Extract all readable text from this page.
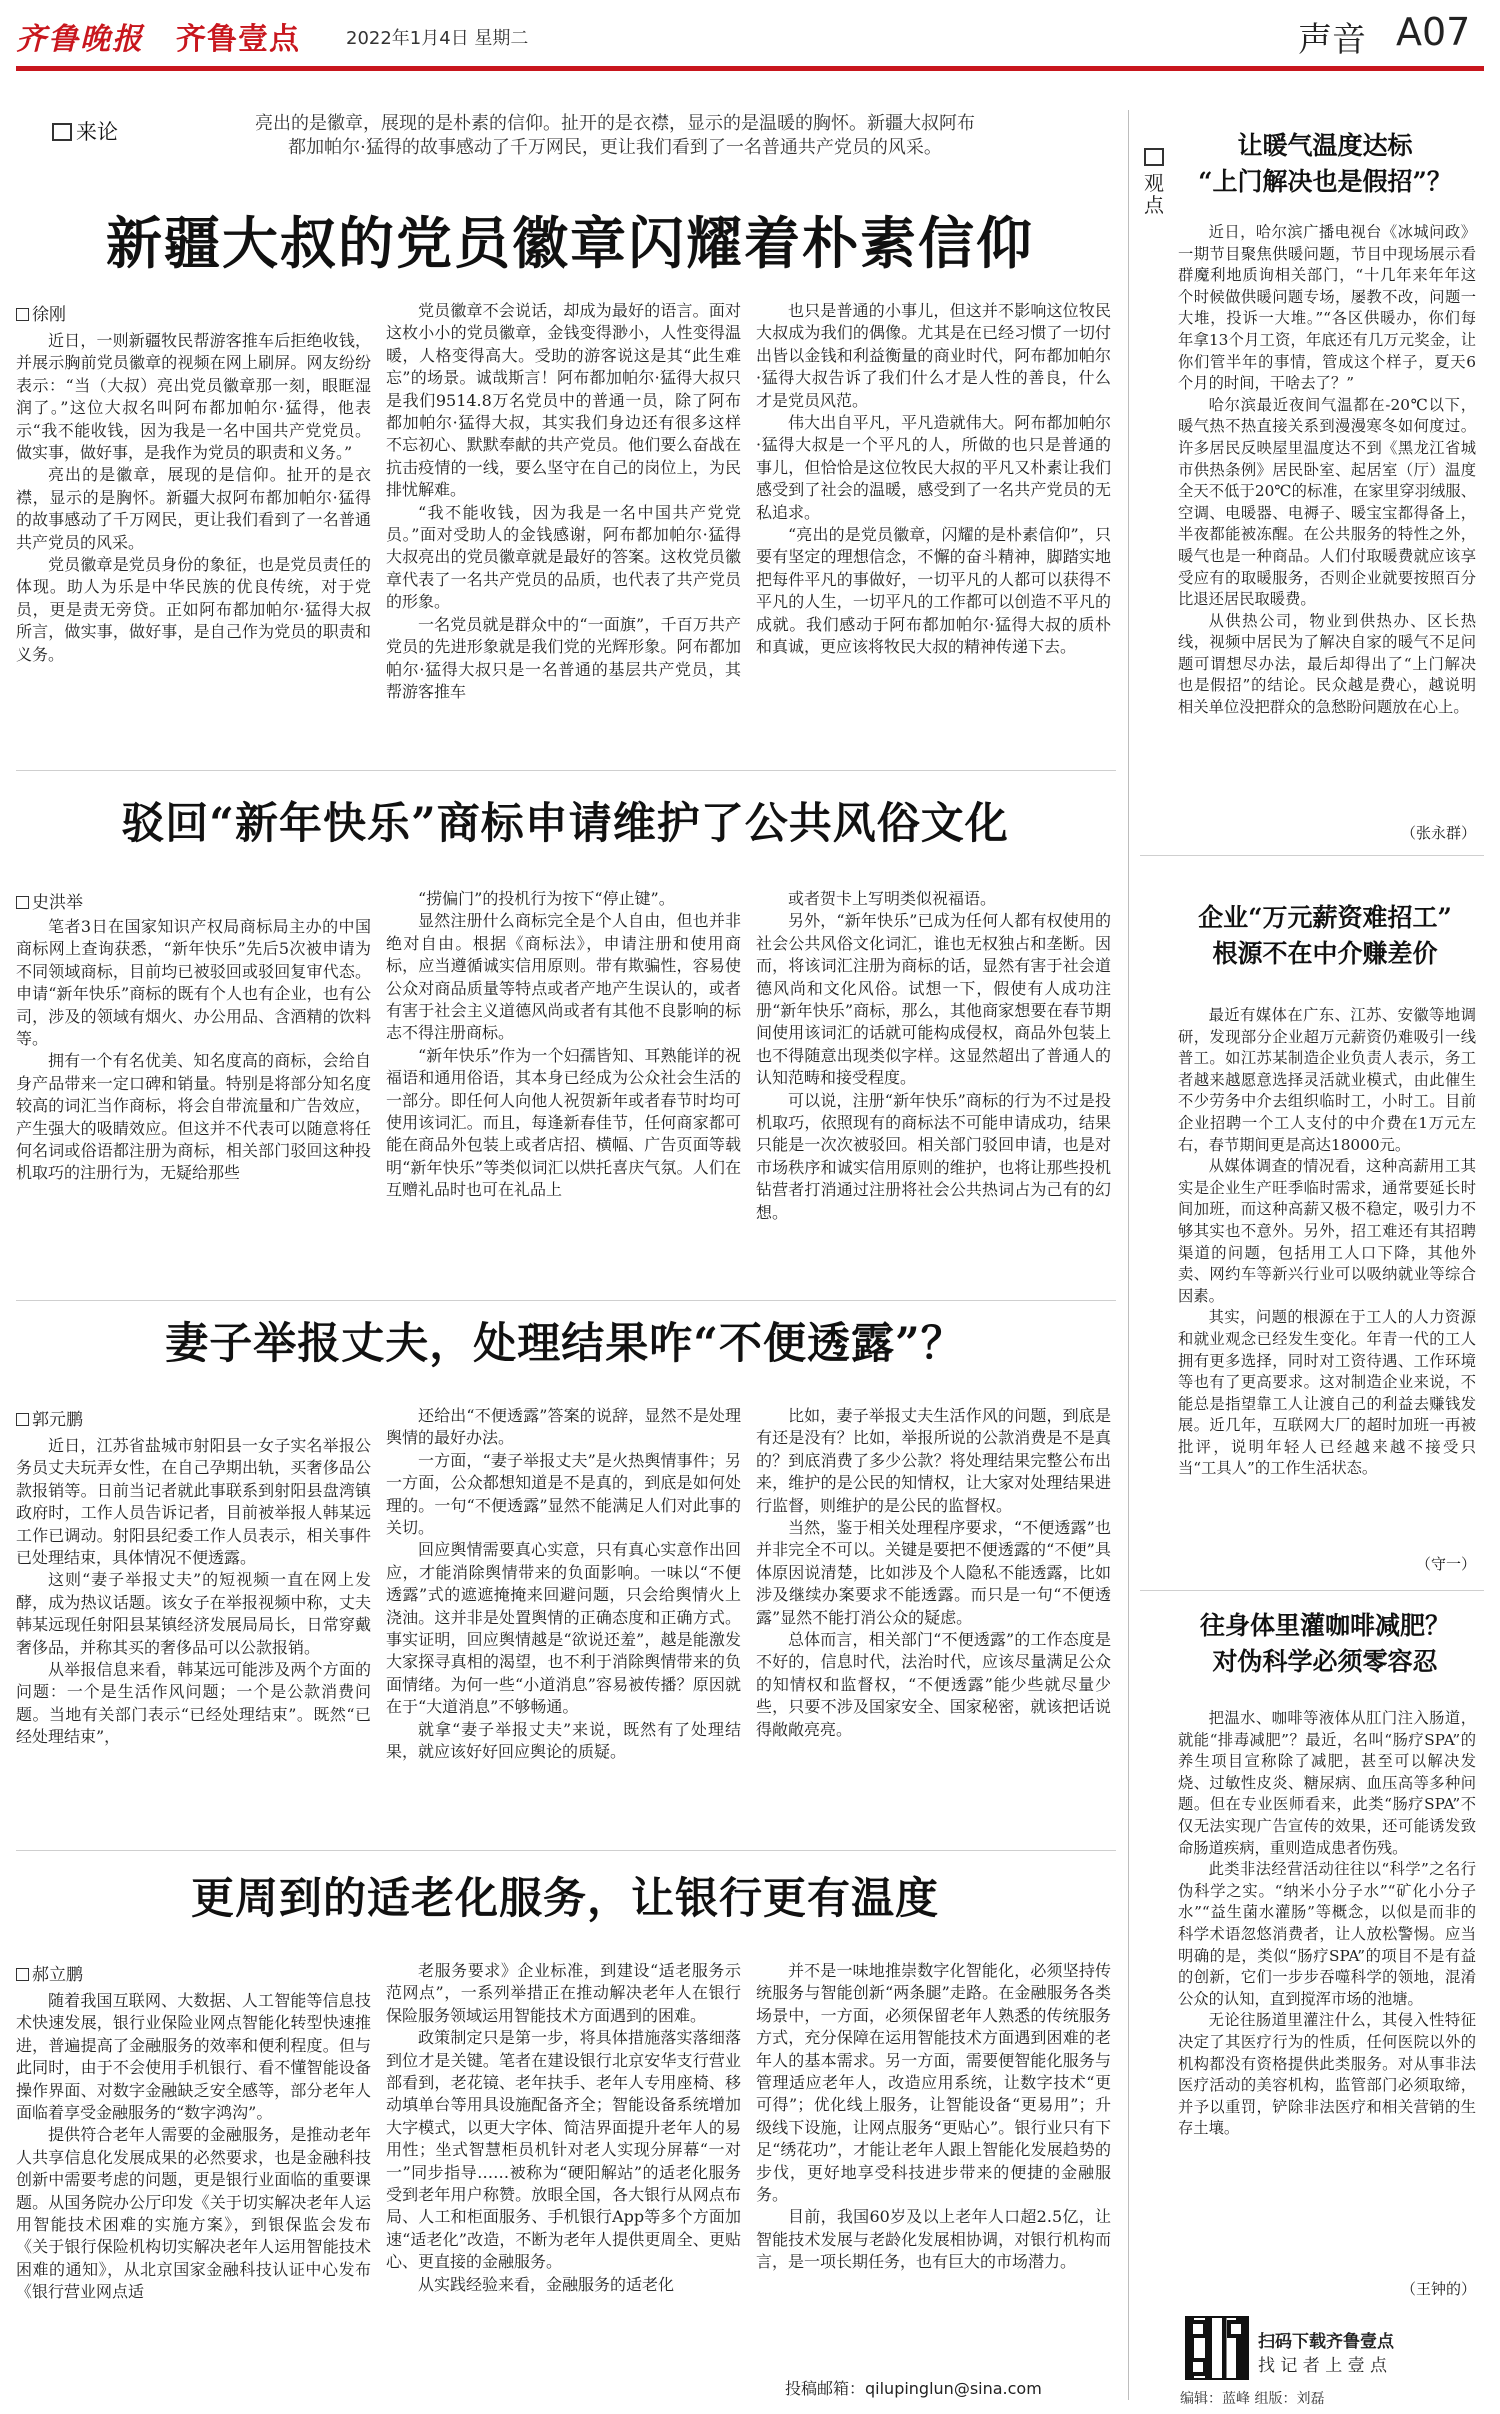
齐鲁晚报 齐鲁壹点	2022年1月4日 星期二	声音 A07
来论	亮出的是徽章，展现的是朴素的信仰。扯开的是衣襟，显示的是温暖的胸怀。新疆大叔阿布都加帕尔·猛得的故事感动了千万网民，更让我们看到了一名普通共产党员的风采。
新疆大叔的党员徽章闪耀着朴素信仰
徐刚

近日，一则新疆牧民帮游客推车后拒绝收钱，并展示胸前党员徽章的视频在网上刷屏。网友纷纷表示：“当（大叔）亮出党员徽章那一刻，眼眶湿润了。”这位大叔名叫阿布都加帕尔·猛得，他表示“我不能收钱，因为我是一名中国共产党党员。做实事，做好事，是我作为党员的职责和义务。”

亮出的是徽章，展现的是信仰。扯开的是衣襟，显示的是胸怀。新疆大叔阿布都加帕尔·猛得的故事感动了千万网民，更让我们看到了一名普通共产党员的风采。

党员徽章是党员身份的象征，也是党员责任的体现。助人为乐是中华民族的优良传统，对于党员，更是责无旁贷。正如阿布都加帕尔·猛得大叔所言，做实事，做好事，是自己作为党员的职责和义务。

党员徽章不会说话，却成为最好的语言。面对这枚小小的党员徽章，金钱变得渺小，人性变得温暖，人格变得高大。受助的游客说这是其“此生难忘”的场景。诚哉斯言！阿布都加帕尔·猛得大叔只是我们9514.8万名党员中的普通一员，除了阿布都加帕尔·猛得大叔，其实我们身边还有很多这样不忘初心、默默奉献的共产党员。他们要么奋战在抗击疫情的一线，要么坚守在自己的岗位上，为民排忧解难。

“我不能收钱，因为我是一名中国共产党党员。”面对受助人的金钱感谢，阿布都加帕尔·猛得大叔亮出的党员徽章就是最好的答案。这枚党员徽章代表了一名共产党员的品质，也代表了共产党员的形象。

一名党员就是群众中的“一面旗”，千百万共产党员的先进形象就是我们党的光辉形象。阿布都加帕尔·猛得大叔只是一名普通的基层共产党员，其帮游客推车

也只是普通的小事儿，但这并不影响这位牧民大叔成为我们的偶像。尤其是在已经习惯了一切付出皆以金钱和利益衡量的商业时代，阿布都加帕尔·猛得大叔告诉了我们什么才是人性的善良，什么才是党员风范。

伟大出自平凡，平凡造就伟大。阿布都加帕尔·猛得大叔是一个平凡的人，所做的也只是普通的事儿，但恰恰是这位牧民大叔的平凡又朴素让我们感受到了社会的温暖，感受到了一名共产党员的无私追求。

“亮出的是党员徽章，闪耀的是朴素信仰”，只要有坚定的理想信念，不懈的奋斗精神，脚踏实地把每件平凡的事做好，一切平凡的人都可以获得不平凡的人生，一切平凡的工作都可以创造不平凡的成就。我们感动于阿布都加帕尔·猛得大叔的质朴和真诚，更应该将牧民大叔的精神传递下去。

驳回“新年快乐”商标申请维护了公共风俗文化
史洪举

笔者3日在国家知识产权局商标局主办的中国商标网上查询获悉，“新年快乐”先后5次被申请为不同领域商标，目前均已被驳回或驳回复审代态。申请“新年快乐”商标的既有个人也有企业，也有公司，涉及的领域有烟火、办公用品、含酒精的饮料等。

拥有一个有名优美、知名度高的商标，会给自身产品带来一定口碑和销量。特别是将部分知名度较高的词汇当作商标，将会自带流量和广告效应，产生强大的吸睛效应。但这并不代表可以随意将任何名词或俗语都注册为商标，相关部门驳回这种投机取巧的注册行为，无疑给那些

“捞偏门”的投机行为按下“停止键”。

显然注册什么商标完全是个人自由，但也并非绝对自由。根据《商标法》，申请注册和使用商标，应当遵循诚实信用原则。带有欺骗性，容易使公众对商品质量等特点或者产地产生误认的，或者有害于社会主义道德风尚或者有其他不良影响的标志不得注册商标。

“新年快乐”作为一个妇孺皆知、耳熟能详的祝福语和通用俗语，其本身已经成为公众社会生活的一部分。即任何人向他人祝贺新年或者春节时均可使用该词汇。而且，每逢新春佳节，任何商家都可能在商品外包装上或者店招、横幅、广告页面等载明“新年快乐”等类似词汇以烘托喜庆气氛。人们在互赠礼品时也可在礼品上

或者贺卡上写明类似祝福语。

另外，“新年快乐”已成为任何人都有权使用的社会公共风俗文化词汇，谁也无权独占和垄断。因而，将该词汇注册为商标的话，显然有害于社会道德风尚和文化风俗。试想一下，假使有人成功注册“新年快乐”商标，那么，其他商家想要在春节期间使用该词汇的话就可能构成侵权，商品外包装上也不得随意出现类似字样。这显然超出了普通人的认知范畴和接受程度。

可以说，注册“新年快乐”商标的行为不过是投机取巧，依照现有的商标法不可能申请成功，结果只能是一次次被驳回。相关部门驳回申请，也是对市场秩序和诚实信用原则的维护，也将让那些投机钻营者打消通过注册将社会公共热词占为己有的幻想。

妻子举报丈夫，处理结果咋“不便透露”？
郭元鹏

近日，江苏省盐城市射阳县一女子实名举报公务员丈夫玩弄女性，在自己孕期出轨，买奢侈品公款报销等。日前当记者就此事联系到射阳县盘湾镇政府时，工作人员告诉记者，目前被举报人韩某远工作已调动。射阳县纪委工作人员表示，相关事件已处理结束，具体情况不便透露。

这则“妻子举报丈夫”的短视频一直在网上发酵，成为热议话题。该女子在举报视频中称，丈夫韩某远现任射阳县某镇经济发展局局长，日常穿戴奢侈品，并称其买的奢侈品可以公款报销。

从举报信息来看，韩某远可能涉及两个方面的问题：一个是生活作风问题；一个是公款消费问题。当地有关部门表示“已经处理结束”。既然“已经处理结束”，

还给出“不便透露”答案的说辞，显然不是处理舆情的最好办法。

一方面，“妻子举报丈夫”是火热舆情事件；另一方面，公众都想知道是不是真的，到底是如何处理的。一句“不便透露”显然不能满足人们对此事的关切。

回应舆情需要真心实意，只有真心实意作出回应，才能消除舆情带来的负面影响。一味以“不便透露”式的遮遮掩掩来回避问题，只会给舆情火上浇油。这并非是处置舆情的正确态度和正确方式。事实证明，回应舆情越是“欲说还羞”，越是能激发大家探寻真相的渴望，也不利于消除舆情带来的负面情绪。为何一些“小道消息”容易被传播？原因就在于“大道消息”不够畅通。

就拿“妻子举报丈夫”来说，既然有了处理结果，就应该好好回应舆论的质疑。

比如，妻子举报丈夫生活作风的问题，到底是有还是没有？比如，举报所说的公款消费是不是真的？到底消费了多少公款？将处理结果完整公布出来，维护的是公民的知情权，让大家对处理结果进行监督，则维护的是公民的监督权。

当然，鉴于相关处理程序要求，“不便透露”也并非完全不可以。关键是要把不便透露的“不便”具体原因说清楚，比如涉及个人隐私不能透露，比如涉及继续办案要求不能透露。而只是一句“不便透露”显然不能打消公众的疑虑。

总体而言，相关部门“不便透露”的工作态度是不好的，信息时代，法治时代，应该尽量满足公众的知情权和监督权，“不便透露”能少些就尽量少些，只要不涉及国家安全、国家秘密，就该把话说得敞敞亮亮。

更周到的适老化服务，让银行更有温度
郝立鹏

随着我国互联网、大数据、人工智能等信息技术快速发展，银行业保险业网点智能化转型快速推进，普遍提高了金融服务的效率和便利程度。但与此同时，由于不会使用手机银行、看不懂智能设备操作界面、对数字金融缺乏安全感等，部分老年人面临着享受金融服务的“数字鸿沟”。

提供符合老年人需要的金融服务，是推动老年人共享信息化发展成果的必然要求，也是金融科技创新中需要考虑的问题，更是银行业面临的重要课题。从国务院办公厅印发《关于切实解决老年人运用智能技术困难的实施方案》，到银保监会发布《关于银行保险机构切实解决老年人运用智能技术困难的通知》，从北京国家金融科技认证中心发布《银行营业网点适

老服务要求》企业标准，到建设“适老服务示范网点”，一系列举措正在推动解决老年人在银行保险服务领域运用智能技术方面遇到的困难。

政策制定只是第一步，将具体措施落实落细落到位才是关键。笔者在建设银行北京安华支行营业部看到，老花镜、老年扶手、老年人专用座椅、移动填单台等用具设施配备齐全；智能设备系统增加大字模式，以更大字体、简洁界面提升老年人的易用性；坐式智慧柜员机针对老人实现分屏幕“一对一”同步指导……被称为“硬阳解站”的适老化服务受到老年用户称赞。放眼全国，各大银行从网点布局、人工和柜面服务、手机银行App等多个方面加速“适老化”改造，不断为老年人提供更周全、更贴心、更直接的金融服务。

从实践经验来看，金融服务的适老化

并不是一味地推崇数字化智能化，必须坚持传统服务与智能创新“两条腿”走路。在金融服务各类场景中，一方面，必须保留老年人熟悉的传统服务方式，充分保障在运用智能技术方面遇到困难的老年人的基本需求。另一方面，需要便智能化服务与管理适应老年人，改造应用系统，让数字技术“更可得”；优化线上服务，让智能设备“更易用”；升级线下设施，让网点服务“更贴心”。银行业只有下足“绣花功”，才能让老年人跟上智能化发展趋势的步伐，更好地享受科技进步带来的便捷的金融服务。

目前，我国60岁及以上老年人口超2.5亿，让智能技术发展与老龄化发展相协调，对银行机构而言，是一项长期任务，也有巨大的市场潜力。

投稿邮箱：qilupinglun@sina.com
观点
让暖气温度达标
“上门解决也是假招”？

近日，哈尔滨广播电视台《冰城问政》一期节目聚焦供暖问题，节目中现场展示看群魔利地质询相关部门，“十几年来年年这个时候做供暖问题专场，屡教不改，问题一大堆，投诉一大堆。”“各区供暖办，你们每年拿13个月工资，年底还有几万元奖金，让你们管半年的事情，管成这个样子，夏天6个月的时间，干啥去了？”

哈尔滨最近夜间气温都在-20℃以下，暖气热不热直接关系到漫漫寒冬如何度过。许多居民反映屋里温度达不到《黑龙江省城市供热条例》居民卧室、起居室（厅）温度全天不低于20℃的标准，在家里穿羽绒服、空调、电暖器、电褥子、暖宝宝都得备上，半夜都能被冻醒。在公共服务的特性之外，暖气也是一种商品。人们付取暖费就应该享受应有的取暖服务，否则企业就要按照百分比退还居民取暖费。

从供热公司，物业到供热办、区长热线，视频中居民为了解决自家的暖气不足问题可谓想尽办法，最后却得出了“上门解决也是假招”的结论。民众越是费心，越说明相关单位没把群众的急愁盼问题放在心上。

（张永群）
企业“万元薪资难招工”
根源不在中介赚差价

最近有媒体在广东、江苏、安徽等地调研，发现部分企业超万元薪资仍难吸引一线普工。如江苏某制造企业负责人表示，务工者越来越愿意选择灵活就业模式，由此催生不少劳务中介去组织临时工，小时工。目前企业招聘一个工人支付的中介费在1万元左右，春节期间更是高达18000元。

从媒体调查的情况看，这种高薪用工其实是企业生产旺季临时需求，通常要延长时间加班，而这种高薪又极不稳定，吸引力不够其实也不意外。另外，招工难还有其招聘渠道的问题，包括用工人口下降，其他外卖、网约车等新兴行业可以吸纳就业等综合因素。

其实，问题的根源在于工人的人力资源和就业观念已经发生变化。年青一代的工人拥有更多选择，同时对工资待遇、工作环境等也有了更高要求。这对制造企业来说，不能总是指望靠工人让渡自己的利益去赚钱发展。近几年，互联网大厂的超时加班一再被批评，说明年轻人已经越来越不接受只当“工具人”的工作生活状态。

（守一）
往身体里灌咖啡减肥？
对伪科学必须零容忍

把温水、咖啡等液体从肛门注入肠道，就能“排毒减肥”？最近，名叫“肠疗SPA”的养生项目宣称除了减肥，甚至可以解决发烧、过敏性皮炎、糖尿病、血压高等多种问题。但在专业医师看来，此类“肠疗SPA”不仅无法实现广告宣传的效果，还可能诱发致命肠道疾病，重则造成患者伤残。

此类非法经营活动往往以“科学”之名行伪科学之实。“纳米小分子水”“矿化小分子水”“益生菌水灌肠”等概念，以似是而非的科学术语忽悠消费者，让人放松警惕。应当明确的是，类似“肠疗SPA”的项目不是有益的创新，它们一步步吞噬科学的领地，混淆公众的认知，直到搅浑市场的池塘。

无论往肠道里灌注什么，其侵入性特征决定了其医疗行为的性质，任何医院以外的机构都没有资格提供此类服务。对从事非法医疗活动的美容机构，监管部门必须取缔，并予以重罚，铲除非法医疗和相关营销的生存土壤。

（王钟的）
扫码下载齐鲁壹点
找 记 者 上 壹 点
编辑：蓝峰 组版：刘磊
